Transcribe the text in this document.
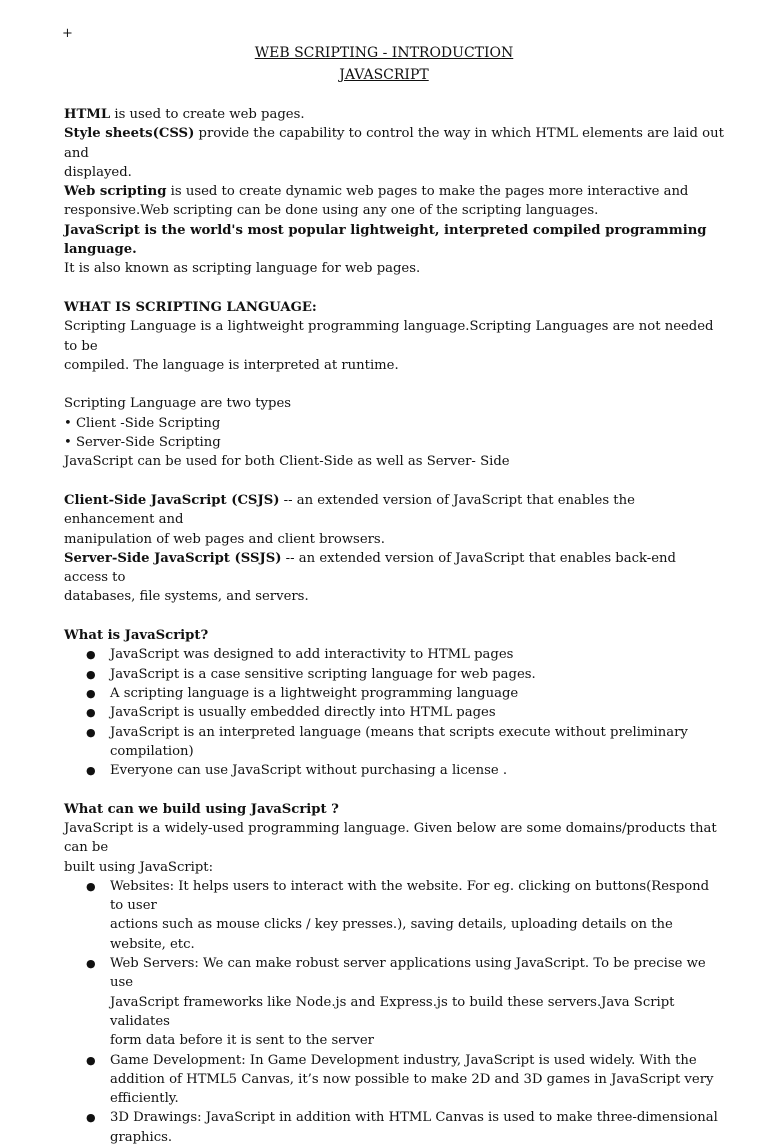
+
WEB SCRIPTING - INTRODUCTION
JAVASCRIPT

HTML is used to create web pages.

Style sheets(CSS) provide the capability to control the way in which HTML elements are laid out and
displayed.

Web scripting is used to create dynamic web pages to make the pages more interactive and
responsive.Web scripting can be done using any one of the scripting languages.

JavaScript is the world's most popular lightweight, interpreted compiled programming language.

It is also known as scripting language for web pages.

WHAT IS SCRIPTING LANGUAGE:

Scripting Language is a lightweight programming language.Scripting Languages are not needed to be

compiled. The language is interpreted at runtime.

Scripting Language are two types

• Client -Side Scripting

• Server-Side Scripting

JavaScript can be used for both Client-Side as well as Server- Side

Client-Side JavaScript (CSJS) -- an extended version of JavaScript that enables the enhancement and
manipulation of web pages and client browsers.

Server-Side JavaScript (SSJS) -- an extended version of JavaScript that enables back-end access to
databases, file systems, and servers.

What is JavaScript?

● JavaScript was designed to add interactivity to HTML pages
● JavaScript is a case sensitive scripting language for web pages.
● A scripting language is a lightweight programming language
● JavaScript is usually embedded directly into HTML pages
● JavaScript is an interpreted language (means that scripts execute without preliminary
compilation)
● Everyone can use JavaScript without purchasing a license .

What can we build using JavaScript ?

JavaScript is a widely-used programming language. Given below are some domains/products that can be

built using JavaScript:

● Websites: It helps users to interact with the website. For eg. clicking on buttons(Respond to user
actions such as mouse clicks / key presses.), saving details, uploading details on the website, etc.
● Web Servers: We can make robust server applications using JavaScript. To be precise we use
JavaScript frameworks like Node.js and Express.js to build these servers.Java Script validates
form data before it is sent to the server
● Game Development: In Game Development industry, JavaScript is used widely. With the
addition of HTML5 Canvas, it’s now possible to make 2D and 3D games in JavaScript very
efficiently.
● 3D Drawings: JavaScript in addition with HTML Canvas is used to make three-dimensional
graphics.
